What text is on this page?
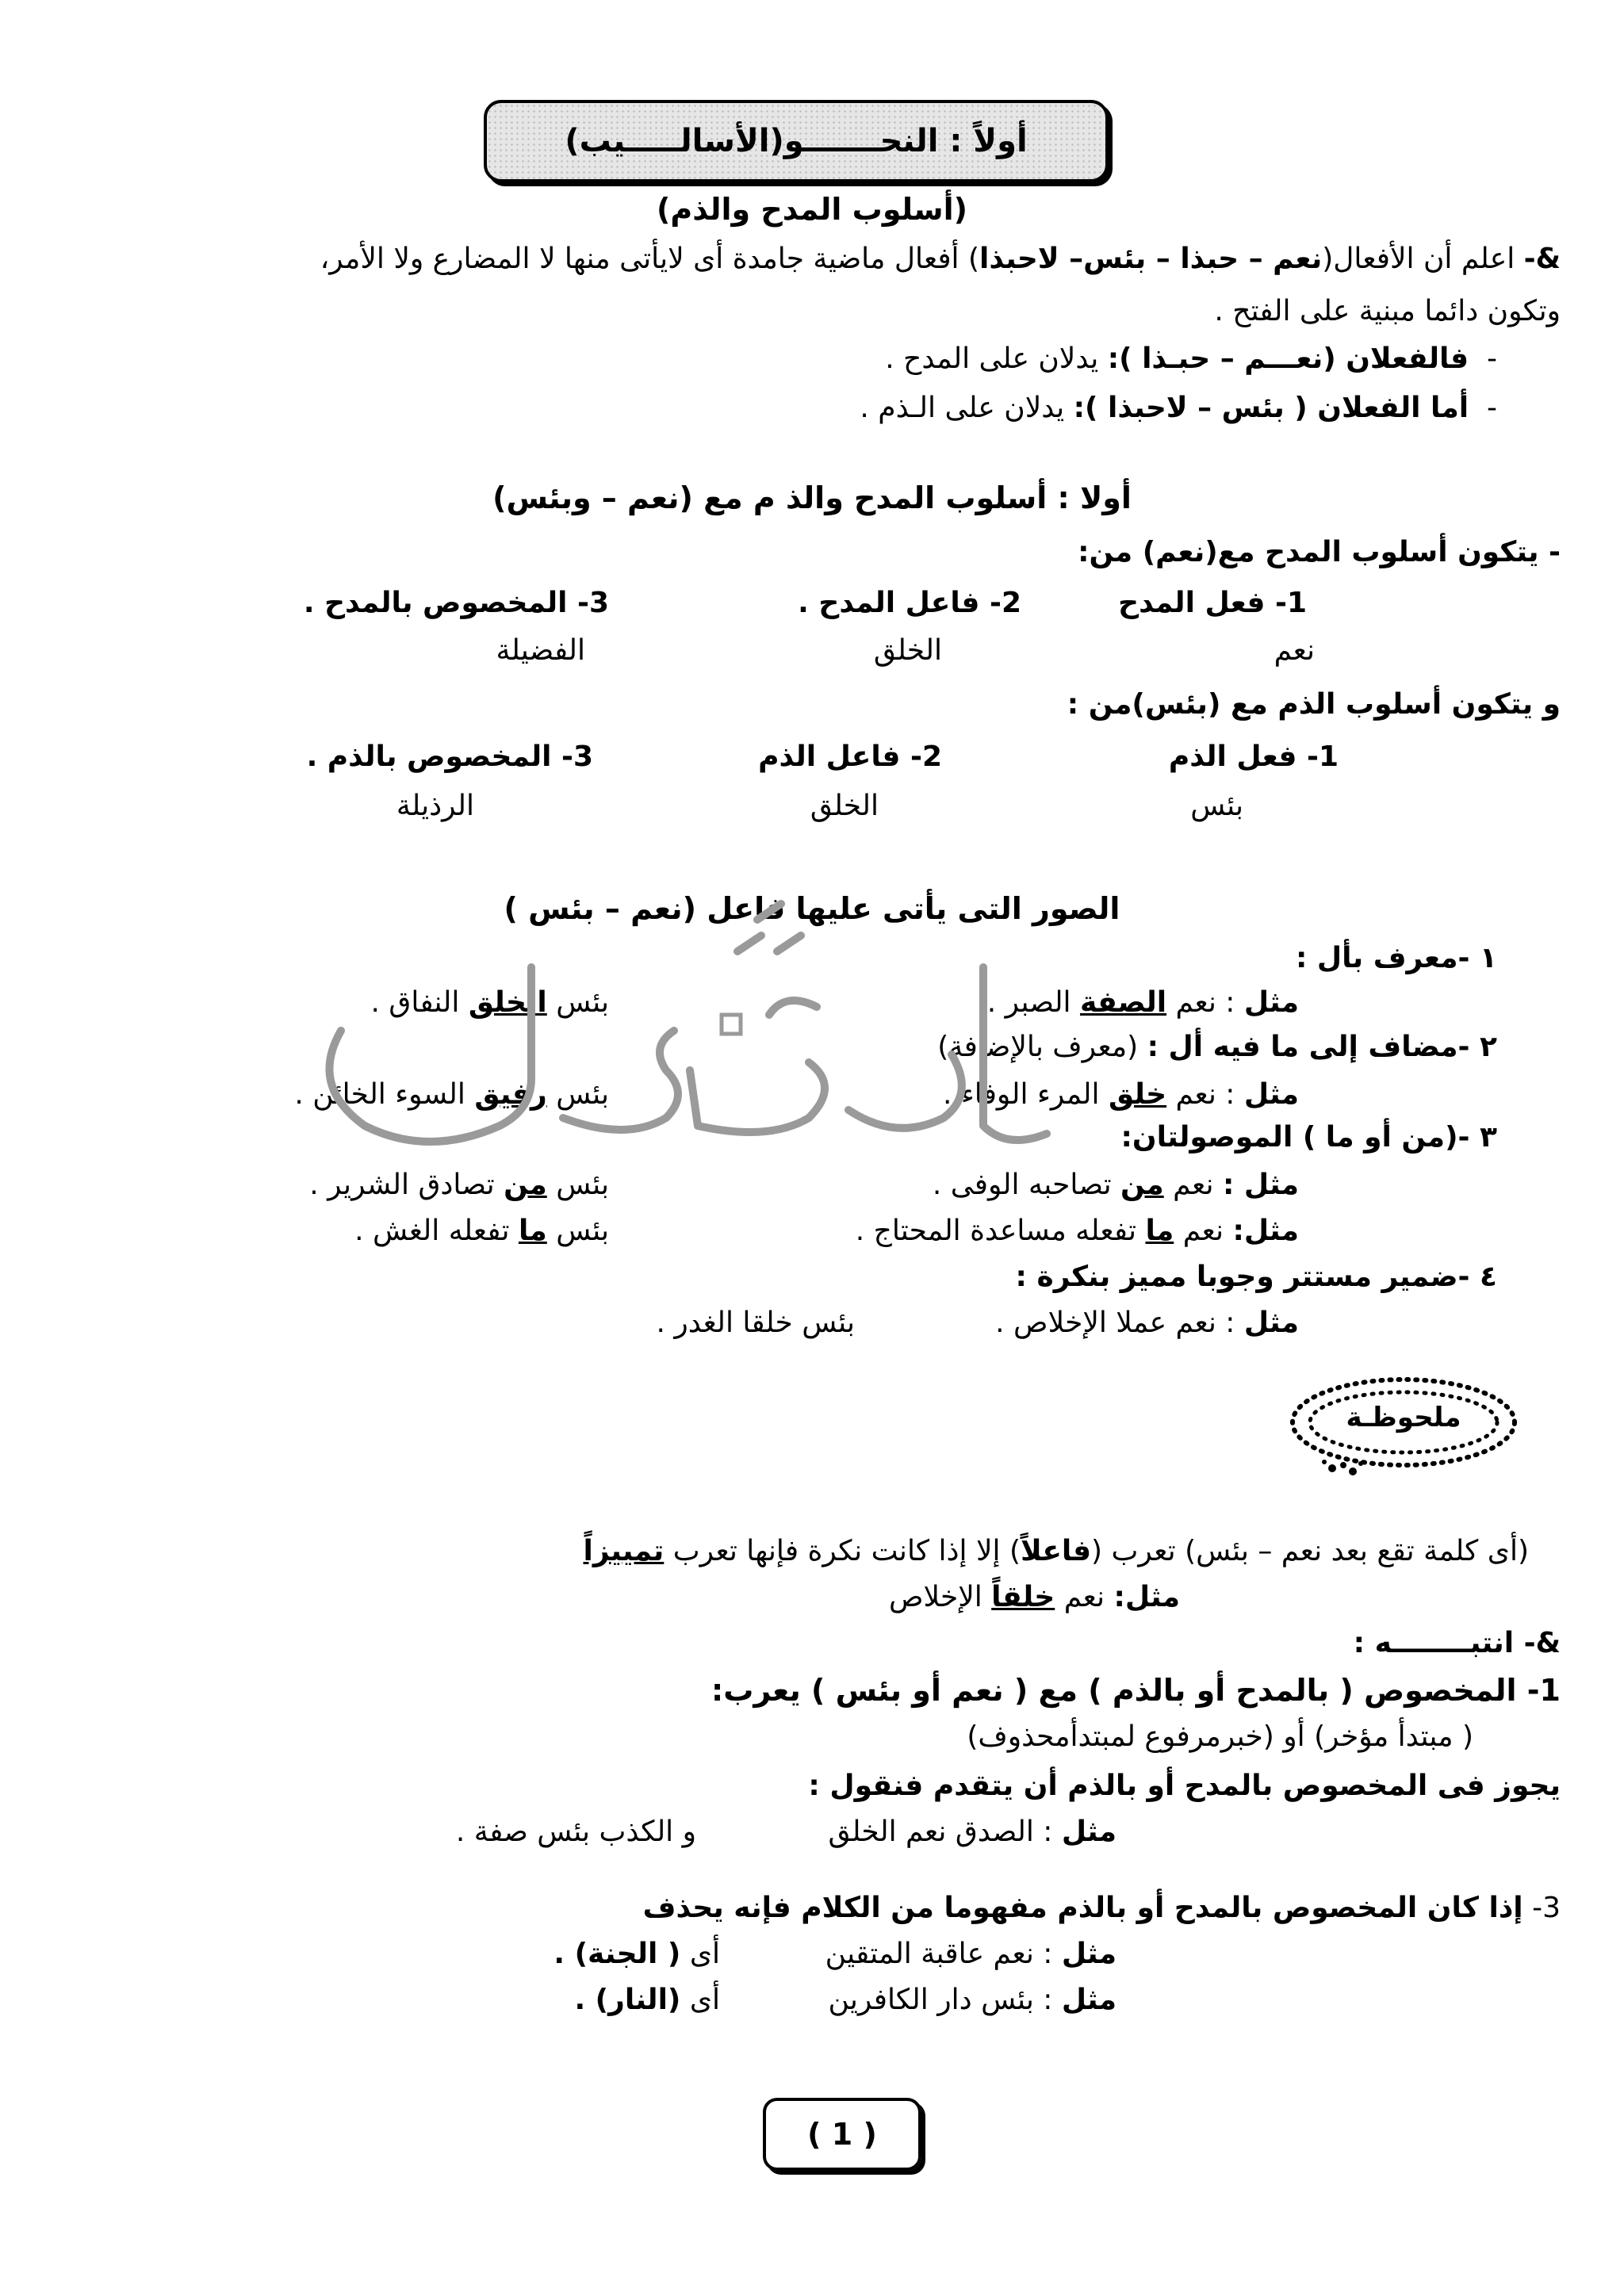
أولاً : النحـــــــو(الأسالـــــيب)
(أسلوب المدح والذم)
&- اعلم أن الأفعال(نعم – حبذا – بئس– لاحبذا) أفعال ماضية جامدة أى لايأتى منها لا المضارع ولا الأمر،
وتكون دائما مبنية على الفتح .
-  فالفعلان (نعـــم – حبـذا ): يدلان على المدح .
-  أما الفعلان ( بئس – لاحبذا ): يدلان على الـذم .
أولا : أسلوب المدح والذ م مع (نعم – وبئس)
- يتكون أسلوب المدح مع(نعم) من:
1- فعل المدح
2- فاعل المدح .
3- المخصوص بالمدح .
نعم
الخلق
الفضيلة
و يتكون أسلوب الذم مع (بئس)من :
1- فعل الذم
2- فاعل الذم
3- المخصوص بالذم .
بئس
الخلق
الرذيلة
الصور التى يأتى عليها فاعل (نعم – بئس )
١ -معرف بأل :
مثل : نعم الصفة الصبر .
بئس الخلق النفاق .
٢ -مضاف إلى ما فيه أل : (معرف بالإضافة)
مثل : نعم خلق المرء الوفاء .
بئس رفيق السوء الخائن .
٣ -(من أو ما ) الموصولتان:
مثل : نعم من تصاحبه الوفى .
بئس من تصادق الشرير .
مثل: نعم ما تفعله مساعدة المحتاج .
بئس ما تفعله الغش .
٤ -ضمير مستتر وجوبا مميز بنكرة :
مثل : نعم عملا الإخلاص .
بئس خلقا الغدر .
ملحوظـة
(أى كلمة تقع بعد نعم – بئس) تعرب (فاعلاً) إلا إذا كانت نكرة فإنها تعرب تمييزاً
مثل: نعم خلقاً الإخلاص
&- انتبــــــــه :
1- المخصوص ( بالمدح أو بالذم ) مع ( نعم أو بئس ) يعرب:
( مبتدأ مؤخر) أو (خبرمرفوع لمبتدأمحذوف)
يجوز فى المخصوص بالمدح أو بالذم أن يتقدم فنقول :
مثل : الصدق نعم الخلق
و الكذب بئس صفة .
3- إذا كان المخصوص بالمدح أو بالذم مفهوما من الكلام فإنه يحذف
مثل : نعم عاقبة المتقين
أى ( الجنة) .
مثل : بئس دار الكافرين
أى (النار) .
( 1 )
